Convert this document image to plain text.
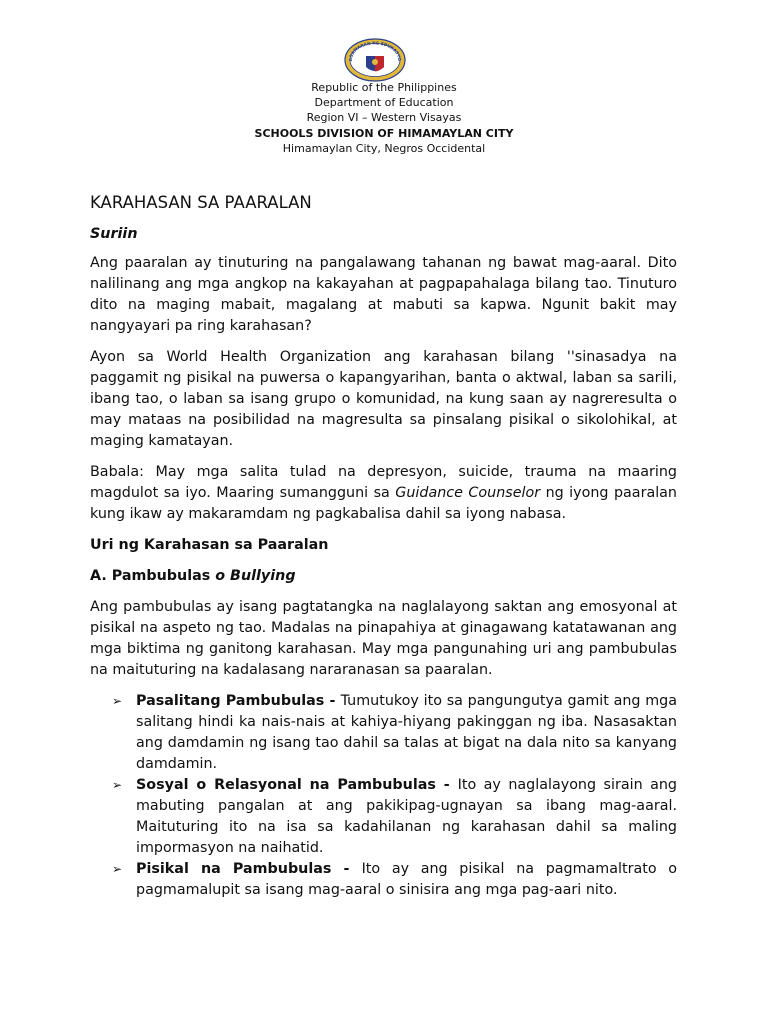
AGAWARAN NG EDUKASYO
Republic of the Philippines
Department of Education
Region VI – Western Visayas
SCHOOLS DIVISION OF HIMAMAYLAN CITY
Himamaylan City, Negros Occidental
KARAHASAN SA PAARALAN
Suriin

Ang paaralan ay tinuturing na pangalawang tahanan ng bawat mag-aaral. Dito nalilinang ang mga angkop na kakayahan at pagpapahalaga bilang tao. Tinuturo dito na maging mabait, magalang at mabuti sa kapwa. Ngunit bakit may nangyayari pa ring karahasan?

Ayon sa World Health Organization ang karahasan bilang ''sinasadya na paggamit ng pisikal na puwersa o kapangyarihan, banta o aktwal, laban sa sarili, ibang tao, o laban sa isang grupo o komunidad, na kung saan ay nagreresulta o may mataas na posibilidad na magresulta sa pinsalang pisikal o sikolohikal, at maging kamatayan.

Babala: May mga salita tulad na depresyon, suicide, trauma na maaring magdulot sa iyo. Maaring sumangguni sa Guidance Counselor ng iyong paaralan kung ikaw ay makaramdam ng pagkabalisa dahil sa iyong nabasa.

Uri ng Karahasan sa Paaralan
A. Pambubulas o Bullying

Ang pambubulas ay isang pagtatangka na naglalayong saktan ang emosyonal at pisikal na aspeto ng tao. Madalas na pinapahiya at ginagawang katatawanan ang mga biktima ng ganitong karahasan. May mga pangunahing uri ang pambubulas na maituturing na kadalasang nararanasan sa paaralan.

➢ Pasalitang Pambubulas - Tumutukoy ito sa pangungutya gamit ang mga salitang hindi ka nais-nais at kahiya-hiyang pakinggan ng iba. Nasasaktan ang damdamin ng isang tao dahil sa talas at bigat na dala nito sa kanyang damdamin.
➢ Sosyal o Relasyonal na Pambubulas - Ito ay naglalayong sirain ang mabuting pangalan at ang pakikipag-ugnayan sa ibang mag-aaral. Maituturing ito na isa sa kadahilanan ng karahasan dahil sa maling impormasyon na naihatid.
➢ Pisikal na Pambubulas - Ito ay ang pisikal na pagmamaltrato o pagmamalupit sa isang mag-aaral o sinisira ang mga pag-aari nito.
